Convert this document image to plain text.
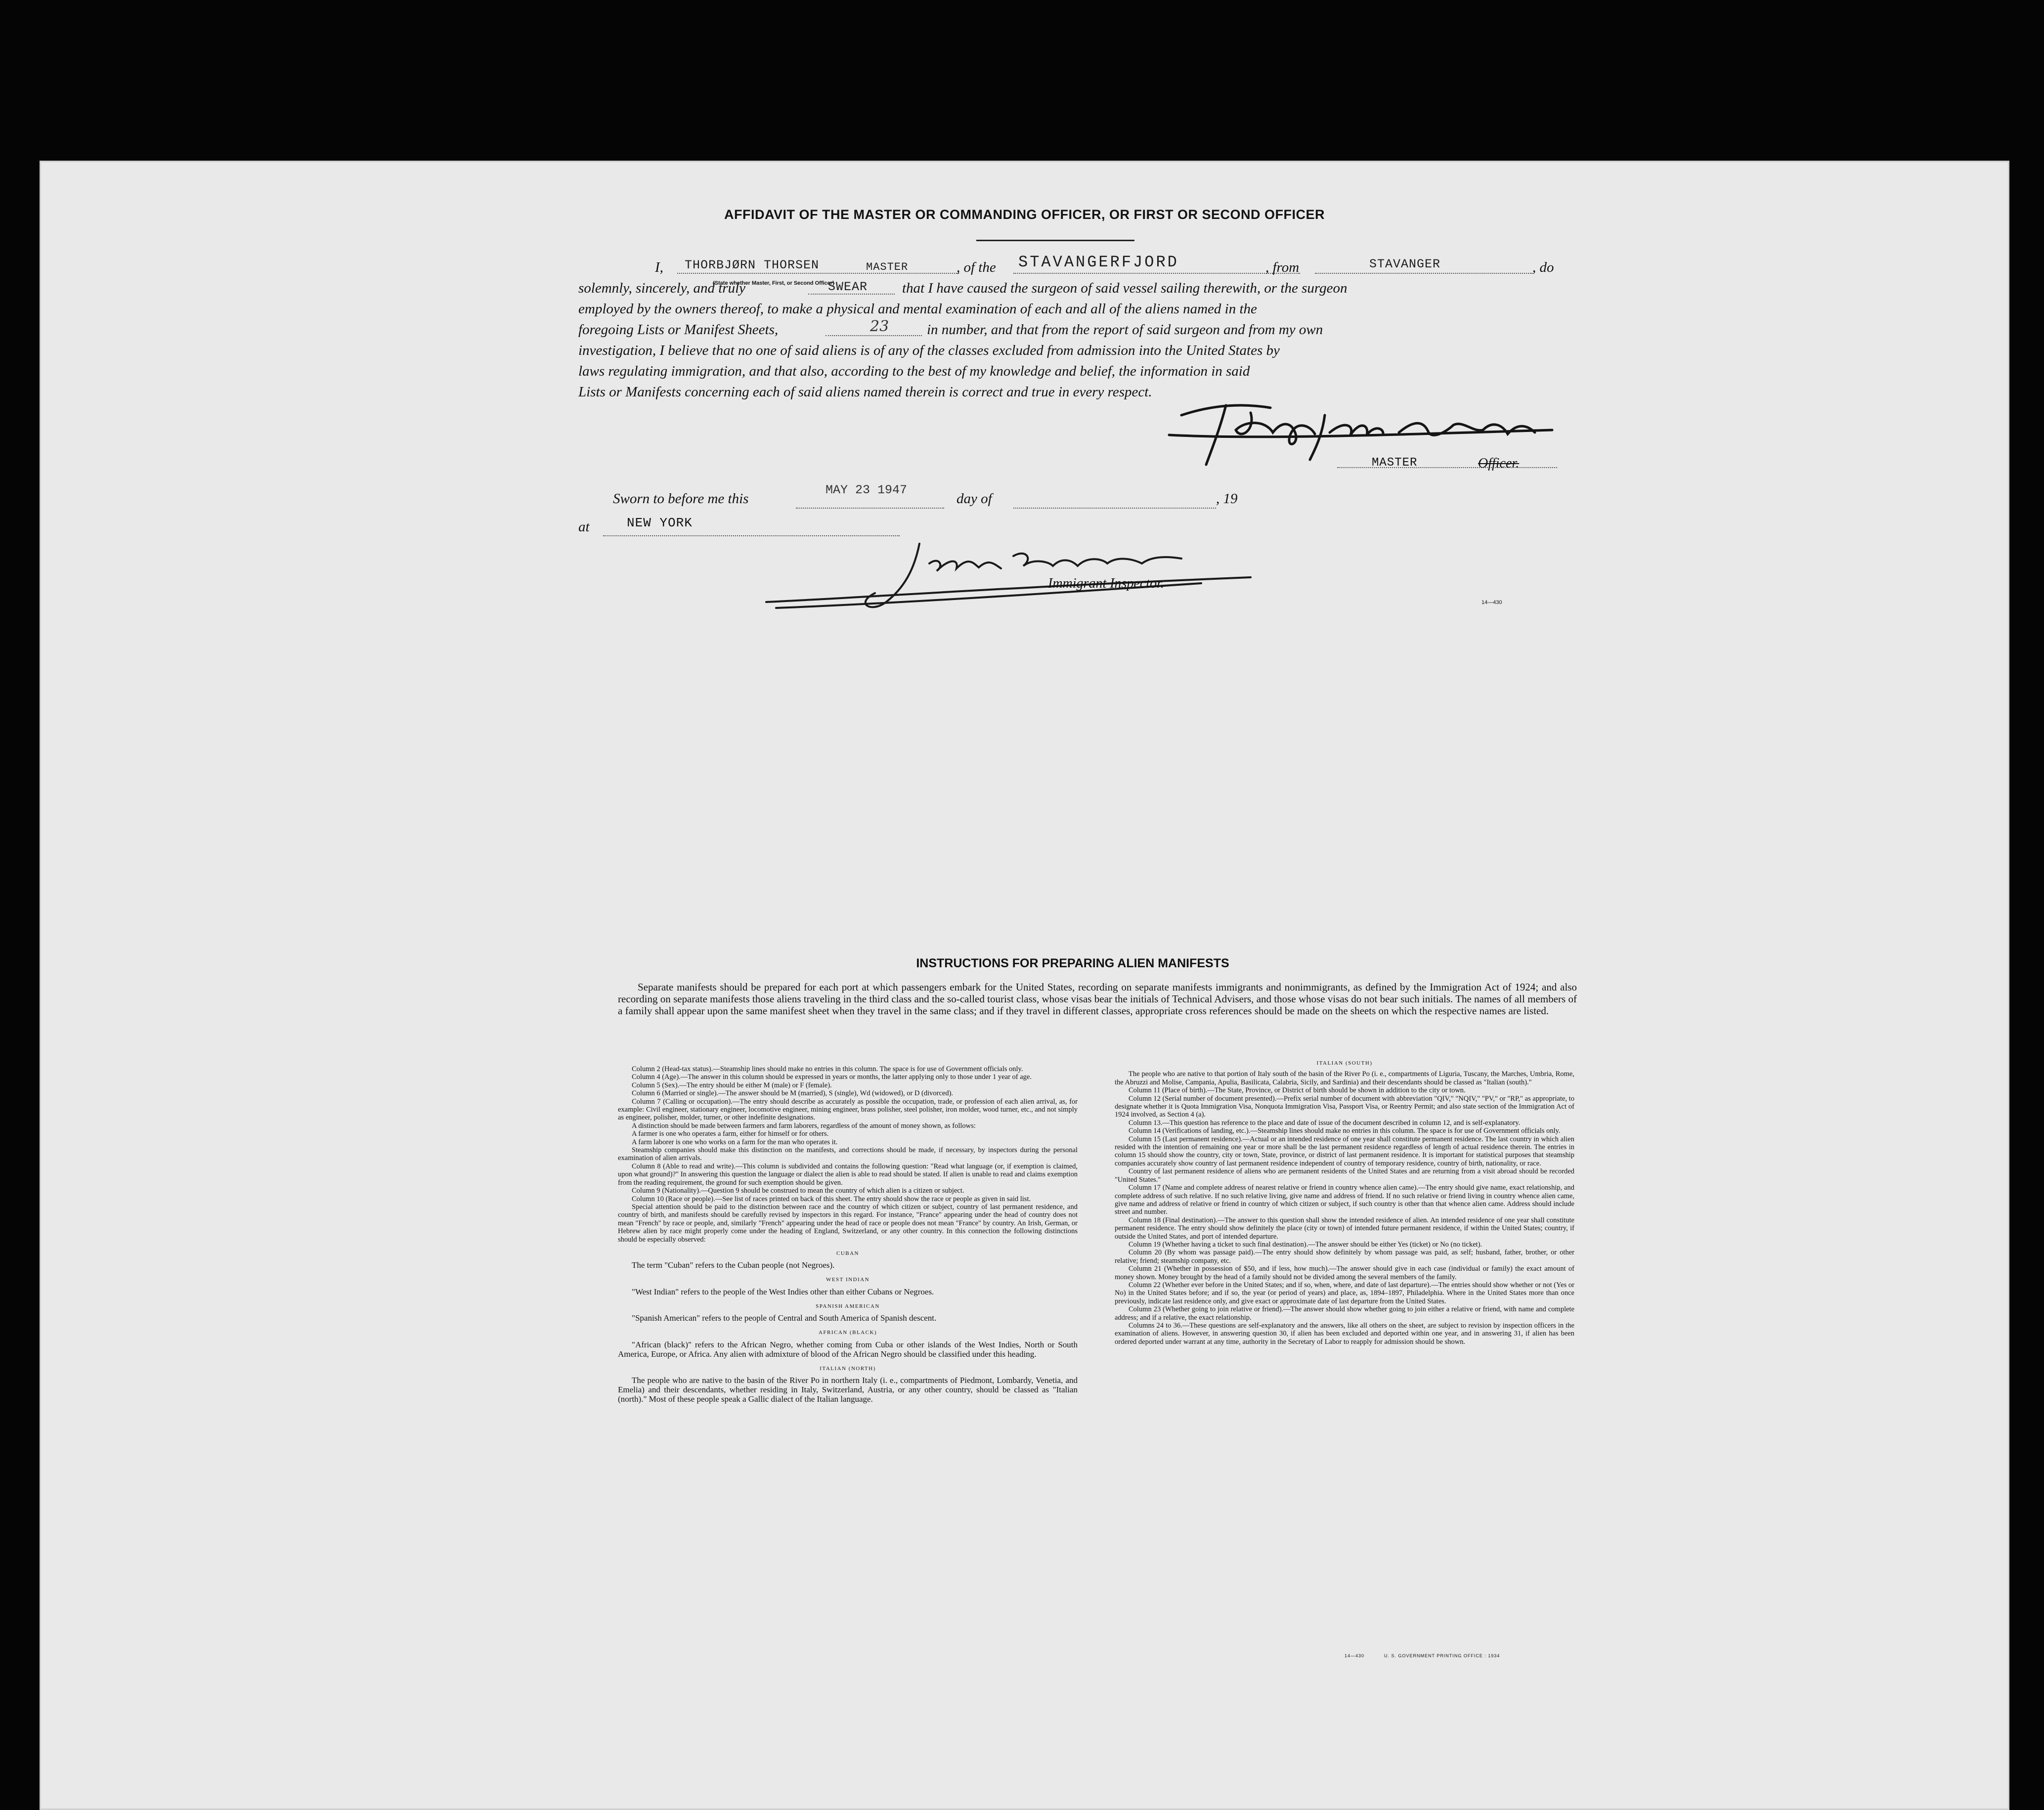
AFFIDAVIT OF THE MASTER OR COMMANDING OFFICER, OR FIRST OR SECOND OFFICER
I, THORBJØRN THORSEN	MASTER	, of the STAVANGERFJORD	, from	STAVANGER	, do
(State whether Master, First, or Second Officer)
solemnly, sincerely, and truly	SWEAR that I have caused the surgeon of said vessel sailing therewith, or the surgeon
employed by the owners thereof, to make a physical and mental examination of each and all of the aliens named in the
foregoing Lists or Manifest Sheets,	23	in number, and that from the report of said surgeon and from my own
investigation, I believe that no one of said aliens is of any of the classes excluded from admission into the United States by
laws regulating immigration, and that also, according to the best of my knowledge and belief, the information in said
Lists or Manifests concerning each of said aliens named therein is correct and true in every respect.
MASTER	Officer.
Sworn to before me this
MAY 23 1947
day of	, 19
at	NEW YORK
Immigrant Inspector.
14—430
INSTRUCTIONS FOR PREPARING ALIEN MANIFESTS
Separate manifests should be prepared for each port at which passengers embark for the United States, recording on separate manifests immigrants and nonimmigrants, as defined by the Immigration Act of 1924; and also recording on separate manifests those aliens traveling in the third class and the so-called tourist class, whose visas bear the initials of Technical Advisers, and those whose visas do not bear such initials. The names of all members of a family shall appear upon the same manifest sheet when they travel in the same class; and if they travel in different classes, appropriate cross references should be made on the sheets on which the respective names are listed.

Column 2 (Head-tax status).—Steamship lines should make no entries in this column. The space is for use of Government officials only.

Column 4 (Age).—The answer in this column should be expressed in years or months, the latter applying only to those under 1 year of age.

Column 5 (Sex).—The entry should be either M (male) or F (female).

Column 6 (Married or single).—The answer should be M (married), S (single), Wd (widowed), or D (divorced).

Column 7 (Calling or occupation).—The entry should describe as accurately as possible the occupation, trade, or profession of each alien arrival, as, for example: Civil engineer, stationary engineer, locomotive engineer, mining engineer, brass polisher, steel polisher, iron molder, wood turner, etc., and not simply as engineer, polisher, molder, turner, or other indefinite designations.

A distinction should be made between farmers and farm laborers, regardless of the amount of money shown, as follows:

A farmer is one who operates a farm, either for himself or for others.

A farm laborer is one who works on a farm for the man who operates it.

Steamship companies should make this distinction on the manifests, and corrections should be made, if necessary, by inspectors during the personal examination of alien arrivals.

Column 8 (Able to read and write).—This column is subdivided and contains the following question: "Read what language (or, if exemption is claimed, upon what ground)?" In answering this question the language or dialect the alien is able to read should be stated. If alien is unable to read and claims exemption from the reading requirement, the ground for such exemption should be given.

Column 9 (Nationality).—Question 9 should be construed to mean the country of which alien is a citizen or subject.

Column 10 (Race or people).—See list of races printed on back of this sheet. The entry should show the race or people as given in said list.

Special attention should be paid to the distinction between race and the country of which citizen or subject, country of last permanent residence, and country of birth, and manifests should be carefully revised by inspectors in this regard. For instance, "France" appearing under the head of country does not mean "French" by race or people, and, similarly "French" appearing under the head of race or people does not mean "France" by country. An Irish, German, or Hebrew alien by race might properly come under the heading of England, Switzerland, or any other country. In this connection the following distinctions should be especially observed:

CUBAN

The term "Cuban" refers to the Cuban people (not Negroes).

WEST INDIAN

"West Indian" refers to the people of the West Indies other than either Cubans or Negroes.

SPANISH AMERICAN

"Spanish American" refers to the people of Central and South America of Spanish descent.

AFRICAN (BLACK)

"African (black)" refers to the African Negro, whether coming from Cuba or other islands of the West Indies, North or South America, Europe, or Africa. Any alien with admixture of blood of the African Negro should be classified under this heading.

ITALIAN (NORTH)

The people who are native to the basin of the River Po in northern Italy (i. e., compartments of Piedmont, Lombardy, Venetia, and Emelia) and their descendants, whether residing in Italy, Switzerland, Austria, or any other country, should be classed as "Italian (north)." Most of these people speak a Gallic dialect of the Italian language.

ITALIAN (SOUTH)

The people who are native to that portion of Italy south of the basin of the River Po (i. e., compartments of Liguria, Tuscany, the Marches, Umbria, Rome, the Abruzzi and Molise, Campania, Apulia, Basilicata, Calabria, Sicily, and Sardinia) and their descendants should be classed as "Italian (south)."

Column 11 (Place of birth).—The State, Province, or District of birth should be shown in addition to the city or town.

Column 12 (Serial number of document presented).—Prefix serial number of document with abbreviation "QIV," "NQIV," "PV," or "RP," as appropriate, to designate whether it is Quota Immigration Visa, Nonquota Immigration Visa, Passport Visa, or Reentry Permit; and also state section of the Immigration Act of 1924 involved, as Section 4 (a).

Column 13.—This question has reference to the place and date of issue of the document described in column 12, and is self-explanatory.

Column 14 (Verifications of landing, etc.).—Steamship lines should make no entries in this column. The space is for use of Government officials only.

Column 15 (Last permanent residence).—Actual or an intended residence of one year shall constitute permanent residence. The last country in which alien resided with the intention of remaining one year or more shall be the last permanent residence regardless of length of actual residence therein. The entries in column 15 should show the country, city or town, State, province, or district of last permanent residence. It is important for statistical purposes that steamship companies accurately show country of last permanent residence independent of country of temporary residence, country of birth, nationality, or race.

Country of last permanent residence of aliens who are permanent residents of the United States and are returning from a visit abroad should be recorded "United States."

Column 17 (Name and complete address of nearest relative or friend in country whence alien came).—The entry should give name, exact relationship, and complete address of such relative. If no such relative living, give name and address of friend. If no such relative or friend living in country whence alien came, give name and address of relative or friend in country of which citizen or subject, if such country is other than that whence alien came. Address should include street and number.

Column 18 (Final destination).—The answer to this question shall show the intended residence of alien. An intended residence of one year shall constitute permanent residence. The entry should show definitely the place (city or town) of intended future permanent residence, if within the United States; country, if outside the United States, and port of intended departure.

Column 19 (Whether having a ticket to such final destination).—The answer should be either Yes (ticket) or No (no ticket).

Column 20 (By whom was passage paid).—The entry should show definitely by whom passage was paid, as self; husband, father, brother, or other relative; friend; steamship company, etc.

Column 21 (Whether in possession of $50, and if less, how much).—The answer should give in each case (individual or family) the exact amount of money shown. Money brought by the head of a family should not be divided among the several members of the family.

Column 22 (Whether ever before in the United States; and if so, when, where, and date of last departure).—The entries should show whether or not (Yes or No) in the United States before; and if so, the year (or period of years) and place, as, 1894–1897, Philadelphia. Where in the United States more than once previously, indicate last residence only, and give exact or approximate date of last departure from the United States.

Column 23 (Whether going to join relative or friend).—The answer should show whether going to join either a relative or friend, with name and complete address; and if a relative, the exact relationship.

Columns 24 to 36.—These questions are self-explanatory and the answers, like all others on the sheet, are subject to revision by inspection officers in the examination of aliens. However, in answering question 30, if alien has been excluded and deported within one year, and in answering 31, if alien has been ordered deported under warrant at any time, authority in the Secretary of Labor to reapply for admission should be shown.

14—430	U. S. GOVERNMENT PRINTING OFFICE : 1934
